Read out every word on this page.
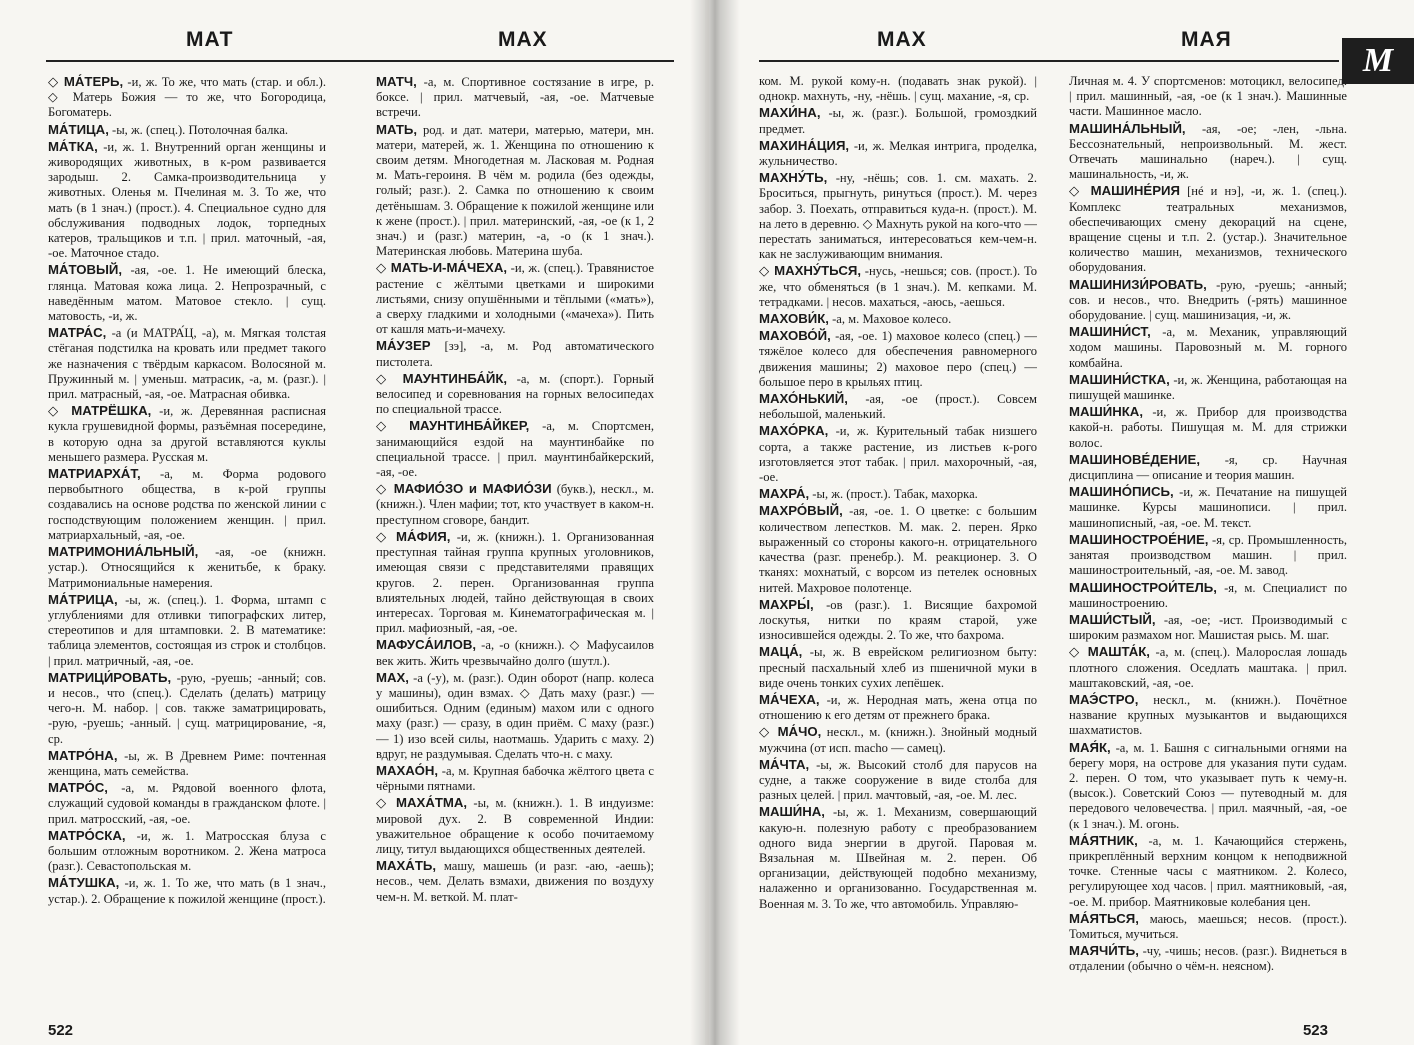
МАТ	МАХ
◇ МА́ТЕРЬ, -и, ж. То же, что мать (стар. и обл.). ◇ Матерь Божия — то же, что Богородица, Богоматерь.
МА́ТИЦА, -ы, ж. (спец.). Потолочная балка.
МА́ТКА, -и, ж. 1. Внутренний орган женщины и живородящих животных, в к-ром развивается зародыш. 2. Самка-производительница у животных. Оленья м. Пчелиная м. 3. То же, что мать (в 1 знач.) (прост.). 4. Специальное судно для обслуживания подводных лодок, торпедных катеров, тральщиков и т.п. | прил. маточный, -ая, -ое. Маточное стадо.
МА́ТОВЫЙ, -ая, -ое. 1. Не имеющий блеска, глянца. Матовая кожа лица. 2. Непрозрачный, с наведённым матом. Матовое стекло. | сущ. матовость, -и, ж.
МАТРА́С, -а (и МАТРА́Ц, -а), м. Мягкая толстая стёганая подстилка на кровать или предмет такого же назначения с твёрдым каркасом. Волосяной м. Пружинный м. | уменьш. матрасик, -а, м. (разг.). | прил. матрасный, -ая, -ое. Матрасная обивка.
◇ МАТРЁШКА, -и, ж. Деревянная расписная кукла грушевидной формы, разъёмная посередине, в которую одна за другой вставляются куклы меньшего размера. Русская м.
МАТРИАРХА́Т, -а, м. Форма родового первобытного общества, в к-рой группы создавались на основе родства по женской линии с господствующим положением женщин. | прил. матриархальный, -ая, -ое.
МАТРИМОНИА́ЛЬНЫЙ, -ая, -ое (книжн. устар.). Относящийся к женитьбе, к браку. Матримониальные намерения.
МА́ТРИЦА, -ы, ж. (спец.). 1. Форма, штамп с углублениями для отливки типографских литер, стереотипов и для штамповки. 2. В математике: таблица элементов, состоящая из строк и столбцов. | прил. матричный, -ая, -ое.
МАТРИЦИ́РОВАТЬ, -рую, -руешь; -анный; сов. и несов., что (спец.). Сделать (делать) матрицу чего-н. М. набор. | сов. также заматрицировать, -рую, -руешь; -анный. | сущ. матрицирование, -я, ср.
МАТРО́НА, -ы, ж. В Древнем Риме: почтенная женщина, мать семейства.
МАТРО́С, -а, м. Рядовой военного флота, служащий судовой команды в гражданском флоте. | прил. матросский, -ая, -ое.
МАТРО́СКА, -и, ж. 1. Матросская блуза с большим отложным воротником. 2. Жена матроса (разг.). Севастопольская м.
МА́ТУШКА, -и, ж. 1. То же, что мать (в 1 знач., устар.). 2. Обращение к пожилой женщине (прост.).
МАТЧ, -а, м. Спортивное состязание в игре, р. боксе. | прил. матчевый, -ая, -ое. Матчевые встречи.
МАТЬ, род. и дат. матери, матерью, матери, мн. матери, матерей, ж. 1. Женщина по отношению к своим детям. Многодетная м. Ласковая м. Родная м. Мать-героиня. В чём м. родила (без одежды, голый; разг.). 2. Самка по отношению к своим детёнышам. 3. Обращение к пожилой женщине или к жене (прост.). | прил. материнский, -ая, -ое (к 1, 2 знач.) и (разг.) материн, -а, -о (к 1 знач.). Материнская любовь. Материна шуба.
◇ МАТЬ-И-МА́ЧЕХА, -и, ж. (спец.). Травянистое растение с жёлтыми цветками и широкими листьями, снизу опушёнными и тёплыми («мать»), а сверху гладкими и холодными («мачеха»). Пить от кашля мать-и-мачеху.
МА́УЗЕР [зэ], -а, м. Род автоматического пистолета.
◇ МАУНТИНБА́ЙК, -а, м. (спорт.). Горный велосипед и соревнования на горных велосипедах по специальной трассе.
◇ МАУНТИНБА́ЙКЕР, -а, м. Спортсмен, занимающийся ездой на маунтинбайке по специальной трассе. | прил. маунтинбайкерский, -ая, -ое.
◇ МАФИО́ЗО и МАФИО́ЗИ (букв.), нескл., м. (книжн.). Член мафии; тот, кто участвует в каком-н. преступном сговоре, бандит.
◇ МА́ФИЯ, -и, ж. (книжн.). 1. Организованная преступная тайная группа крупных уголовников, имеющая связи с представителями правящих кругов. 2. перен. Организованная группа влиятельных людей, тайно действующая в своих интересах. Торговая м. Кинематографическая м. | прил. мафиозный, -ая, -ое.
МАФУСА́ИЛОВ, -а, -о (книжн.). ◇ Мафусаилов век жить. Жить чрезвычайно долго (шутл.).
МАХ, -а (-у), м. (разг.). Один оборот (напр. колеса у машины), один взмах. ◇ Дать маху (разг.) — ошибиться. Одним (единым) махом или с одного маху (разг.) — сразу, в один приём. С маху (разг.) — 1) изо всей силы, наотмашь. Ударить с маху. 2) вдруг, не раздумывая. Сделать что-н. с маху.
МАХАО́Н, -а, м. Крупная бабочка жёлтого цвета с чёрными пятнами.
◇ МАХА́ТМА, -ы, м. (книжн.). 1. В индуизме: мировой дух. 2. В современной Индии: уважительное обращение к особо почитаемому лицу, титул выдающихся общественных деятелей.
МАХА́ТЬ, машу, машешь (и разг. -аю, -аешь); несов., чем. Делать взмахи, движения по воздуху чем-н. М. веткой. М. плат-
522
МАХ	МАЯ
М
ком. М. рукой кому-н. (подавать знак рукой). | однокр. махнуть, -ну, -нёшь. | сущ. махание, -я, ср.
МАХИ́НА, -ы, ж. (разг.). Большой, громоздкий предмет.
МАХИНА́ЦИЯ, -и, ж. Мелкая интрига, проделка, жульничество.
МАХНУ́ТЬ, -ну, -нёшь; сов. 1. см. махать. 2. Броситься, прыгнуть, ринуться (прост.). М. через забор. 3. Поехать, отправиться куда-н. (прост.). М. на лето в деревню. ◇ Махнуть рукой на кого-что — перестать заниматься, интересоваться кем-чем-н. как не заслуживающим внимания.
◇ МАХНУ́ТЬСЯ, -нусь, -нешься; сов. (прост.). То же, что обменяться (в 1 знач.). М. кепками. М. тетрадками. | несов. махаться, -аюсь, -аешься.
МАХОВИ́К, -а, м. Маховое колесо.
МАХОВО́Й, -ая, -ое. 1) маховое колесо (спец.) — тяжёлое колесо для обеспечения равномерного движения машины; 2) маховое перо (спец.) — большое перо в крыльях птиц.
МАХО́НЬКИЙ, -ая, -ое (прост.). Совсем небольшой, маленький.
МАХО́РКА, -и, ж. Курительный табак низшего сорта, а также растение, из листьев к-рого изготовляется этот табак. | прил. махорочный, -ая, -ое.
МАХРА́, -ы, ж. (прост.). Табак, махорка.
МАХРО́ВЫЙ, -ая, -ое. 1. О цветке: с большим количеством лепестков. М. мак. 2. перен. Ярко выраженный со стороны какого-н. отрицательного качества (разг. пренебр.). М. реакционер. 3. О тканях: мохнатый, с ворсом из петелек основных нитей. Махровое полотенце.
МАХРЫ́, -ов (разг.). 1. Висящие бахромой лоскутья, нитки по краям старой, уже износившейся одежды. 2. То же, что бахрома.
МАЦА́, -ы, ж. В еврейском религиозном быту: пресный пасхальный хлеб из пшеничной муки в виде очень тонких сухих лепёшек.
МА́ЧЕХА, -и, ж. Неродная мать, жена отца по отношению к его детям от прежнего брака.
◇ МА́ЧО, нескл., м. (книжн.). Знойный модный мужчина (от исп. macho — самец).
МА́ЧТА, -ы, ж. Высокий столб для парусов на судне, а также сооружение в виде столба для разных целей. | прил. мачтовый, -ая, -ое. М. лес.
МАШИ́НА, -ы, ж. 1. Механизм, совершающий какую-н. полезную работу с преобразованием одного вида энергии в другой. Паровая м. Вязальная м. Швейная м. 2. перен. Об организации, действующей подобно механизму, налаженно и организованно. Государственная м. Военная м. 3. То же, что автомобиль. Управляю-
Личная м. 4. У спортсменов: мотоцикл, велосипед. | прил. машинный, -ая, -ое (к 1 знач.). Машинные части. Машинное масло.
МАШИНА́ЛЬНЫЙ, -ая, -ое; -лен, -льна. Бессознательный, непроизвольный. М. жест. Отвечать машинально (нареч.). | сущ. машинальность, -и, ж.
◇ МАШИНЕ́РИЯ [нé и нэ], -и, ж. 1. (спец.). Комплекс театральных механизмов, обеспечивающих смену декораций на сцене, вращение сцены и т.п. 2. (устар.). Значительное количество машин, механизмов, технического оборудования.
МАШИНИЗИ́РОВАТЬ, -рую, -руешь; -анный; сов. и несов., что. Внедрить (-рять) машинное оборудование. | сущ. машинизация, -и, ж.
МАШИНИ́СТ, -а, м. Механик, управляющий ходом машины. Паровозный м. М. горного комбайна.
МАШИНИ́СТКА, -и, ж. Женщина, работающая на пишущей машинке.
МАШИ́НКА, -и, ж. Прибор для производства какой-н. работы. Пишущая м. М. для стрижки волос.
МАШИНОВЕ́ДЕНИЕ, -я, ср. Научная дисциплина — описание и теория машин.
МАШИНО́ПИСЬ, -и, ж. Печатание на пишущей машинке. Курсы машинописи. | прил. машинописный, -ая, -ое. М. текст.
МАШИНОСТРОЕ́НИЕ, -я, ср. Промышленность, занятая производством машин. | прил. машиностроительный, -ая, -ое. М. завод.
МАШИНОСТРОИ́ТЕЛЬ, -я, м. Специалист по машиностроению.
МАШИ́СТЫЙ, -ая, -ое; -ист. Производимый с широким размахом ног. Машистая рысь. М. шаг.
◇ МАШТА́К, -а, м. (спец.). Малорослая лошадь плотного сложения. Оседлать маштака. | прил. маштаковский, -ая, -ое.
МАЭ́СТРО, нескл., м. (книжн.). Почётное название крупных музыкантов и выдающихся шахматистов.
МАЯ́К, -а, м. 1. Башня с сигнальными огнями на берегу моря, на острове для указания пути судам. 2. перен. О том, что указывает путь к чему-н. (высок.). Советский Союз — путеводный м. для передового человечества. | прил. маячный, -ая, -ое (к 1 знач.). М. огонь.
МА́ЯТНИК, -а, м. 1. Качающийся стержень, прикреплённый верхним концом к неподвижной точке. Стенные часы с маятником. 2. Колесо, регулирующее ход часов. | прил. маятниковый, -ая, -ое. М. прибор. Маятниковые колебания цен.
МА́ЯТЬСЯ, маюсь, маешься; несов. (прост.). Томиться, мучиться.
МАЯЧИ́ТЬ, -чу, -чишь; несов. (разг.). Виднеться в отдалении (обычно о чём-н. неясном).
523
